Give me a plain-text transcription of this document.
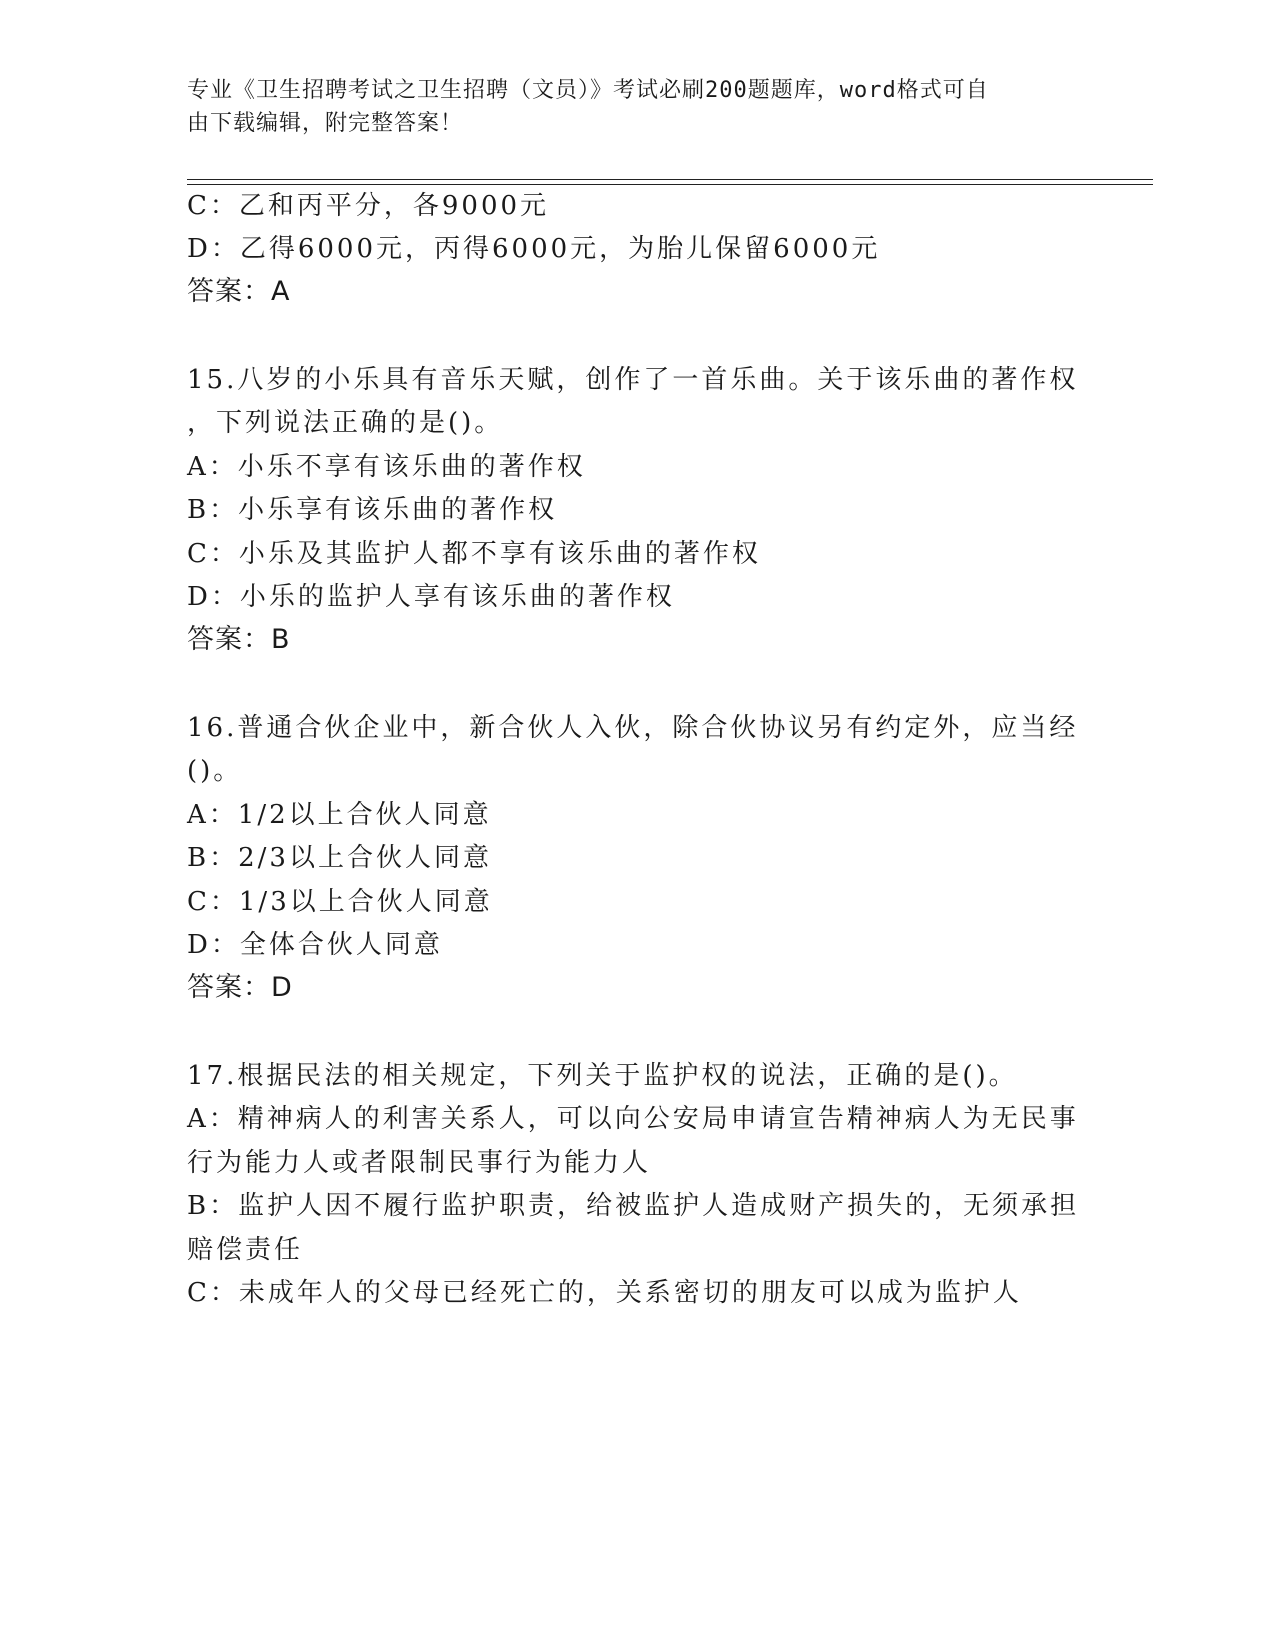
专业《卫生招聘考试之卫生招聘（文员）》考试必刷200题题库，word格式可自
由下载编辑，附完整答案！
C：乙和丙平分，各9000元
D：乙得6000元，丙得6000元，为胎儿保留6000元
答案：A
15.八岁的小乐具有音乐天赋，创作了一首乐曲。关于该乐曲的著作权
，下列说法正确的是()。
A：小乐不享有该乐曲的著作权
B：小乐享有该乐曲的著作权
C：小乐及其监护人都不享有该乐曲的著作权
D：小乐的监护人享有该乐曲的著作权
答案：B
16.普通合伙企业中，新合伙人入伙，除合伙协议另有约定外，应当经
()。
A：1/2以上合伙人同意
B：2/3以上合伙人同意
C：1/3以上合伙人同意
D：全体合伙人同意
答案：D
17.根据民法的相关规定，下列关于监护权的说法，正确的是()。
A：精神病人的利害关系人，可以向公安局申请宣告精神病人为无民事
行为能力人或者限制民事行为能力人
B：监护人因不履行监护职责，给被监护人造成财产损失的，无须承担
赔偿责任
C：未成年人的父母已经死亡的，关系密切的朋友可以成为监护人
